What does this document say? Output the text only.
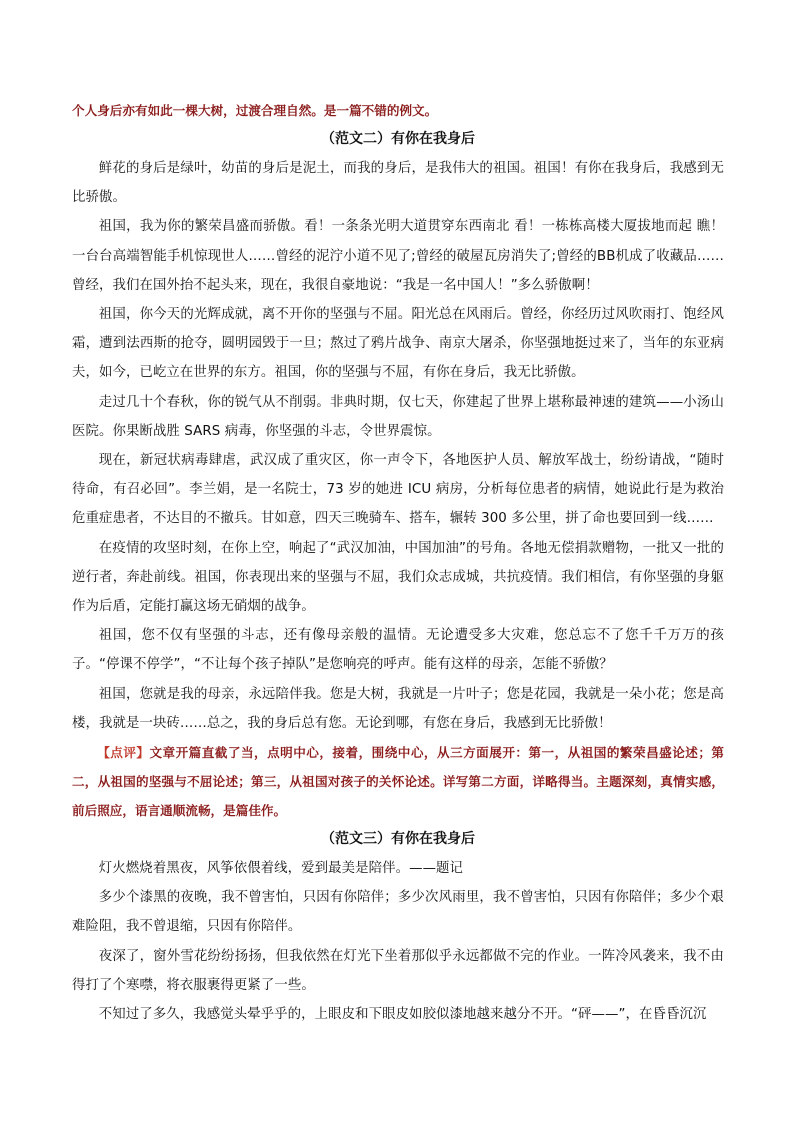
个人身后亦有如此一棵大树，过渡合理自然。是一篇不错的例文。

（范文二）有你在我身后

鲜花的身后是绿叶，幼苗的身后是泥土，而我的身后，是我伟大的祖国。祖国！有你在我身后，我感到无比骄傲。

祖国，我为你的繁荣昌盛而骄傲。看！一条条光明大道贯穿东西南北 看！一栋栋高楼大厦拔地而起 瞧！一台台高端智能手机惊现世人……曾经的泥泞小道不见了;曾经的破屋瓦房消失了;曾经的BB机成了收藏品……曾经，我们在国外抬不起头来，现在，我很自豪地说：“我是一名中国人！”多么骄傲啊！

祖国，你今天的光辉成就，离不开你的坚强与不屈。阳光总在风雨后。曾经，你经历过风吹雨打、饱经风霜，遭到法西斯的抢夺，圆明园毁于一旦；熬过了鸦片战争、南京大屠杀，你坚强地挺过来了，当年的东亚病夫，如今，已屹立在世界的东方。祖国，你的坚强与不屈，有你在身后，我无比骄傲。

走过几十个春秋，你的锐气从不削弱。非典时期，仅七天，你建起了世界上堪称最神速的建筑——小汤山医院。你果断战胜 SARS 病毒，你坚强的斗志，令世界震惊。

现在，新冠状病毒肆虐，武汉成了重灾区，你一声令下，各地医护人员、解放军战士，纷纷请战，“随时待命，有召必回”。李兰娟，是一名院士，73 岁的她进 ICU 病房，分析每位患者的病情，她说此行是为救治危重症患者，不达目的不撤兵。甘如意，四天三晚骑车、搭车，辗转 300 多公里，拼了命也要回到一线……

在疫情的攻坚时刻，在你上空，响起了“武汉加油，中国加油”的号角。各地无偿捐款赠物，一批又一批的逆行者，奔赴前线。祖国，你表现出来的坚强与不屈，我们众志成城，共抗疫情。我们相信，有你坚强的身躯作为后盾，定能打赢这场无硝烟的战争。

祖国，您不仅有坚强的斗志，还有像母亲般的温情。无论遭受多大灾难，您总忘不了您千千万万的孩子。“停课不停学”，“不让每个孩子掉队”是您响亮的呼声。能有这样的母亲，怎能不骄傲？

祖国，您就是我的母亲，永远陪伴我。您是大树，我就是一片叶子；您是花园，我就是一朵小花；您是高楼，我就是一块砖……总之，我的身后总有您。无论到哪，有您在身后，我感到无比骄傲！

【点评】文章开篇直截了当，点明中心，接着，围绕中心，从三方面展开：第一，从祖国的繁荣昌盛论述；第二，从祖国的坚强与不屈论述；第三，从祖国对孩子的关怀论述。详写第二方面，详略得当。主题深刻，真情实感，前后照应，语言通顺流畅，是篇佳作。

（范文三）有你在我身后

灯火燃烧着黑夜，风筝依偎着线，爱到最美是陪伴。——题记

多少个漆黑的夜晚，我不曾害怕，只因有你陪伴；多少次风雨里，我不曾害怕，只因有你陪伴；多少个艰难险阻，我不曾退缩，只因有你陪伴。

夜深了，窗外雪花纷纷扬扬，但我依然在灯光下坐着那似乎永远都做不完的作业。一阵冷风袭来，我不由得打了个寒噤，将衣服裹得更紧了一些。

不知过了多久，我感觉头晕乎乎的，上眼皮和下眼皮如胶似漆地越来越分不开。“砰——”，在昏昏沉沉
